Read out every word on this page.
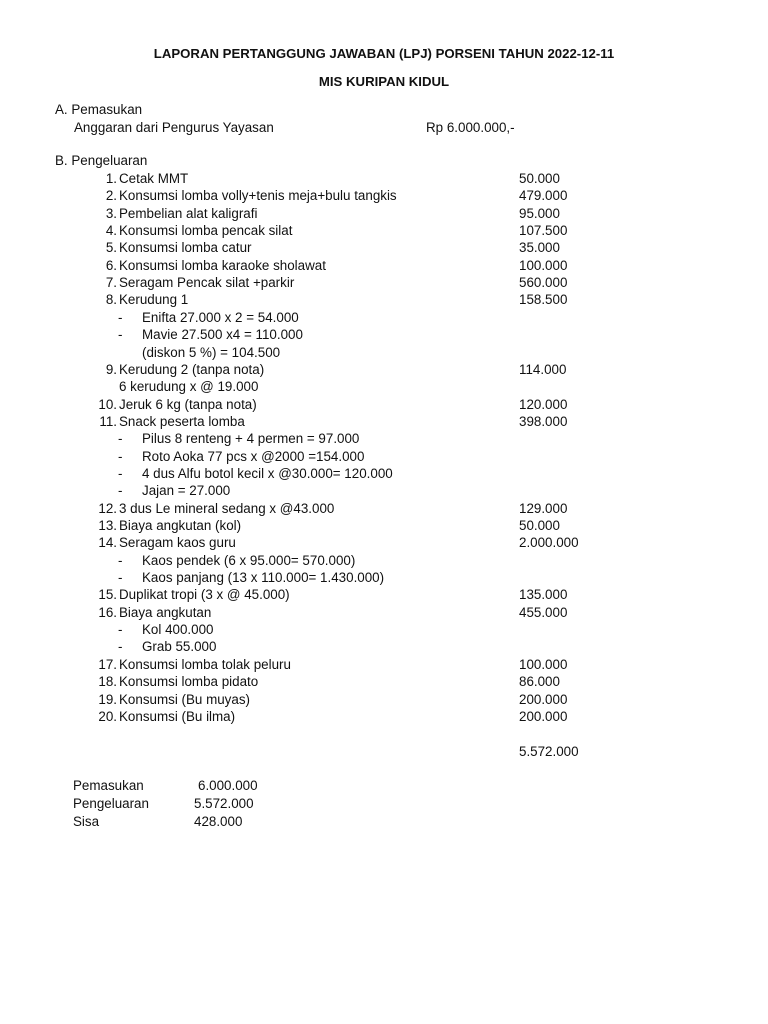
LAPORAN PERTANGGUNG JAWABAN (LPJ) PORSENI TAHUN 2022-12-11
MIS KURIPAN KIDUL
A. Pemasukan
Anggaran dari Pengurus Yayasan	Rp 6.000.000,-
B. Pengeluaran
1. Cetak MMT	50.000
2. Konsumsi lomba volly+tenis meja+bulu tangkis	479.000
3. Pembelian alat kaligrafi	95.000
4. Konsumsi lomba pencak silat	107.500
5. Konsumsi lomba catur	35.000
6. Konsumsi lomba karaoke sholawat	100.000
7. Seragam Pencak silat +parkir	560.000
8. Kerudung 1	158.500
- Enifta 27.000 x 2 = 54.000
- Mavie 27.500 x4 = 110.000
(diskon 5 %) = 104.500
9. Kerudung 2 (tanpa nota)	114.000
6 kerudung x @ 19.000
10. Jeruk 6 kg (tanpa nota)	120.000
11. Snack peserta lomba	398.000
- Pilus 8 renteng + 4 permen = 97.000
- Roto Aoka 77 pcs x @2000 =154.000
- 4 dus Alfu botol kecil x @30.000= 120.000
- Jajan = 27.000
12. 3 dus Le mineral sedang x @43.000	129.000
13. Biaya angkutan (kol)	50.000
14. Seragam kaos guru	2.000.000
- Kaos pendek (6 x 95.000= 570.000)
- Kaos panjang (13 x 110.000= 1.430.000)
15. Duplikat tropi (3 x @ 45.000)	135.000
16. Biaya angkutan	455.000
- Kol 400.000
- Grab 55.000
17. Konsumsi lomba tolak peluru	100.000
18. Konsumsi lomba pidato	86.000
19. Konsumsi (Bu muyas)	200.000
20. Konsumsi (Bu ilma)	200.000
5.572.000
Pemasukan	6.000.000
Pengeluaran	5.572.000
Sisa	428.000
